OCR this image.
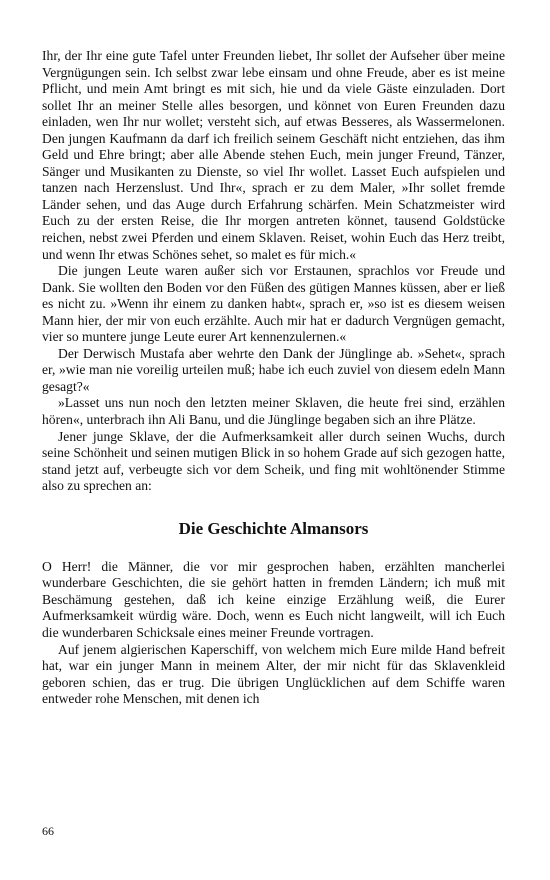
Ihr, der Ihr eine gute Tafel unter Freunden liebet, Ihr sollet der Aufseher über meine Vergnügungen sein. Ich selbst zwar lebe einsam und ohne Freude, aber es ist meine Pflicht, und mein Amt bringt es mit sich, hie und da viele Gäste einzuladen. Dort sollet Ihr an meiner Stelle alles besorgen, und könnet von Euren Freunden dazu einladen, wen Ihr nur wollet; versteht sich, auf etwas Besseres, als Wassermelonen. Den jungen Kaufmann da darf ich freilich seinem Geschäft nicht entziehen, das ihm Geld und Ehre bringt; aber alle Abende stehen Euch, mein junger Freund, Tänzer, Sänger und Musikanten zu Dienste, so viel Ihr wollet. Lasset Euch aufspielen und tanzen nach Herzenslust. Und Ihr«, sprach er zu dem Maler, »Ihr sollet fremde Länder sehen, und das Auge durch Erfahrung schärfen. Mein Schatzmeister wird Euch zu der ersten Reise, die Ihr morgen antreten könnet, tausend Goldstücke reichen, nebst zwei Pferden und einem Sklaven. Reiset, wohin Euch das Herz treibt, und wenn Ihr etwas Schönes sehet, so malet es für mich.«

Die jungen Leute waren außer sich vor Erstaunen, sprachlos vor Freude und Dank. Sie wollten den Boden vor den Füßen des gütigen Mannes küssen, aber er ließ es nicht zu. »Wenn ihr einem zu danken habt«, sprach er, »so ist es diesem weisen Mann hier, der mir von euch erzählte. Auch mir hat er dadurch Vergnügen gemacht, vier so muntere junge Leute eurer Art kennenzulernen.«

Der Derwisch Mustafa aber wehrte den Dank der Jünglinge ab. »Sehet«, sprach er, »wie man nie voreilig urteilen muß; habe ich euch zuviel von diesem edeln Mann gesagt?«

»Lasset uns nun noch den letzten meiner Sklaven, die heute frei sind, erzählen hören«, unterbrach ihn Ali Banu, und die Jünglinge begaben sich an ihre Plätze.

Jener junge Sklave, der die Aufmerksamkeit aller durch seinen Wuchs, durch seine Schönheit und seinen mutigen Blick in so hohem Grade auf sich gezogen hatte, stand jetzt auf, verbeugte sich vor dem Scheik, und fing mit wohltönender Stimme also zu sprechen an:

Die Geschichte Almansors

O Herr! die Männer, die vor mir gesprochen haben, erzählten mancherlei wunderbare Geschichten, die sie gehört hatten in fremden Ländern; ich muß mit Beschämung gestehen, daß ich keine einzige Erzählung weiß, die Eurer Aufmerksamkeit würdig wäre. Doch, wenn es Euch nicht langweilt, will ich Euch die wunderbaren Schicksale eines meiner Freunde vortragen.

Auf jenem algierischen Kaperschiff, von welchem mich Eure milde Hand befreit hat, war ein junger Mann in meinem Alter, der mir nicht für das Sklavenkleid geboren schien, das er trug. Die übrigen Unglücklichen auf dem Schiffe waren entweder rohe Menschen, mit denen ich

66
